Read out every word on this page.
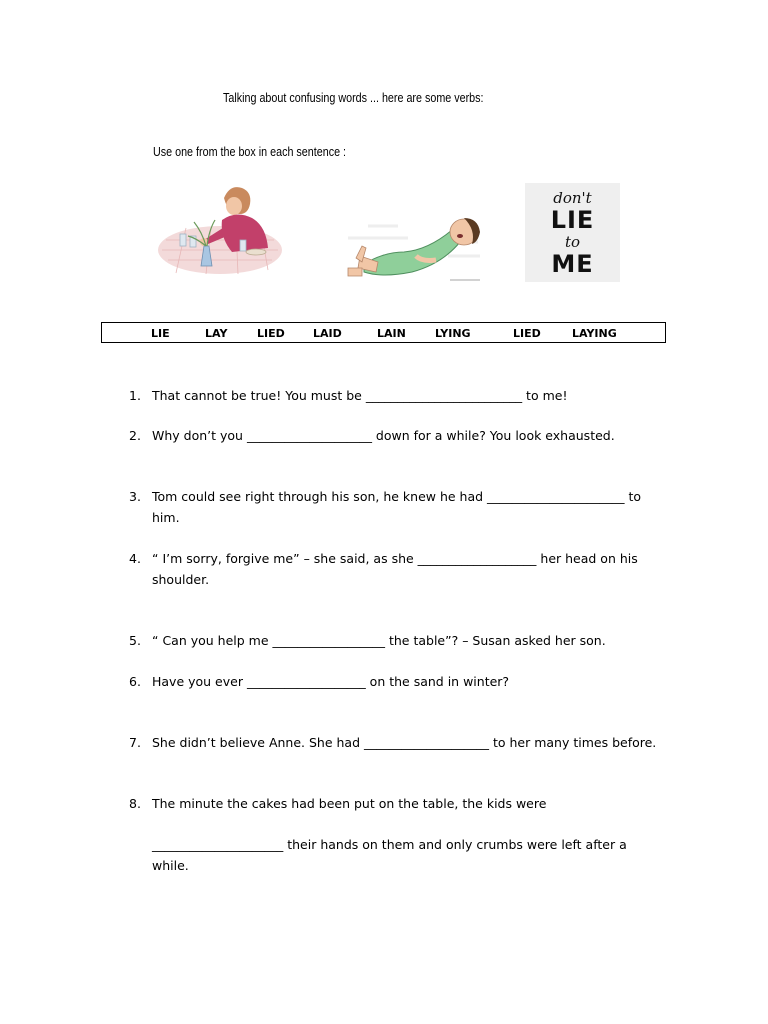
Talking about confusing words ... here are some verbs:
Use one from the box in each sentence :
don't
LIE
to
ME
LIE	LAY	LIED	LAID	LAIN	LYING	LIED	LAYING
1. That cannot be true! You must be _________________________ to me!
2. Why don’t you ____________________ down for a while? You look exhausted.
3. Tom could see right through his son, he knew he had ______________________ to him.
4. “ I’m sorry, forgive me” – she said, as she ___________________ her head on his shoulder.
5. “ Can you help me __________________ the table”? – Susan asked her son.
6. Have you ever ___________________ on the sand in winter?
7. She didn’t believe Anne. She had ____________________ to her many times before.
8. The minute the cakes had been put on the table, the kids were
_____________________ their hands on them and only crumbs were left after a while.
